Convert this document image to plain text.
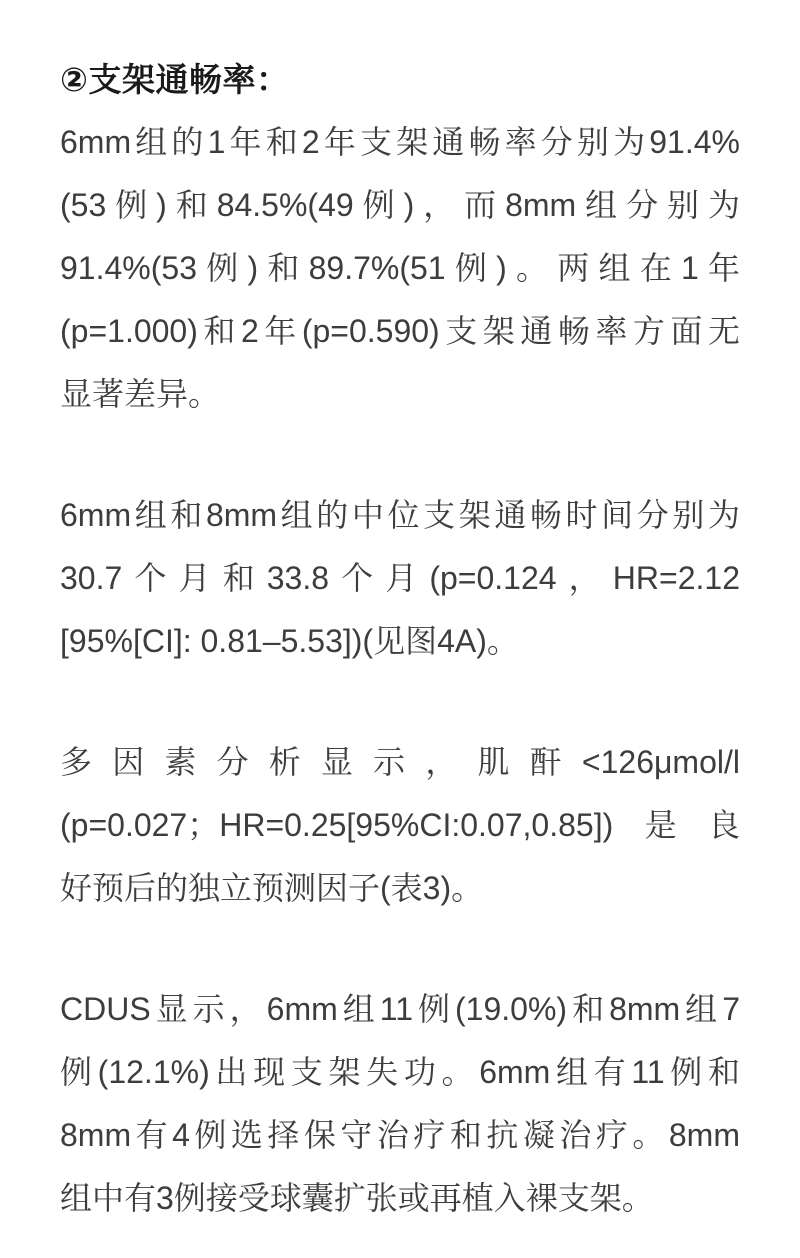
②支架通畅率：
6mm组的1年和2年支架通畅率分别为91.4%
(53例)和84.5%(49例)，而8mm组分别为
91.4%(53例)和89.7%(51例)。两组在1年
(p=1.000)和2年(p=0.590)支架通畅率方面无
显著差异。
6mm组和8mm组的中位支架通畅时间分别为
30.7个月和33.8个月(p=0.124，HR=2.12
[95%[CI]: 0.81–5.53])(见图4A)。
多因素分析显示，肌酐<126μmol/l
(p=0.027；HR=0.25[95%CI:0.07,0.85])是良
好预后的独立预测因子(表3)。
CDUS显示，6mm组11例(19.0%)和8mm组7
例(12.1%)出现支架失功。6mm组有11例和
8mm有4例选择保守治疗和抗凝治疗。8mm
组中有3例接受球囊扩张或再植入裸支架。
